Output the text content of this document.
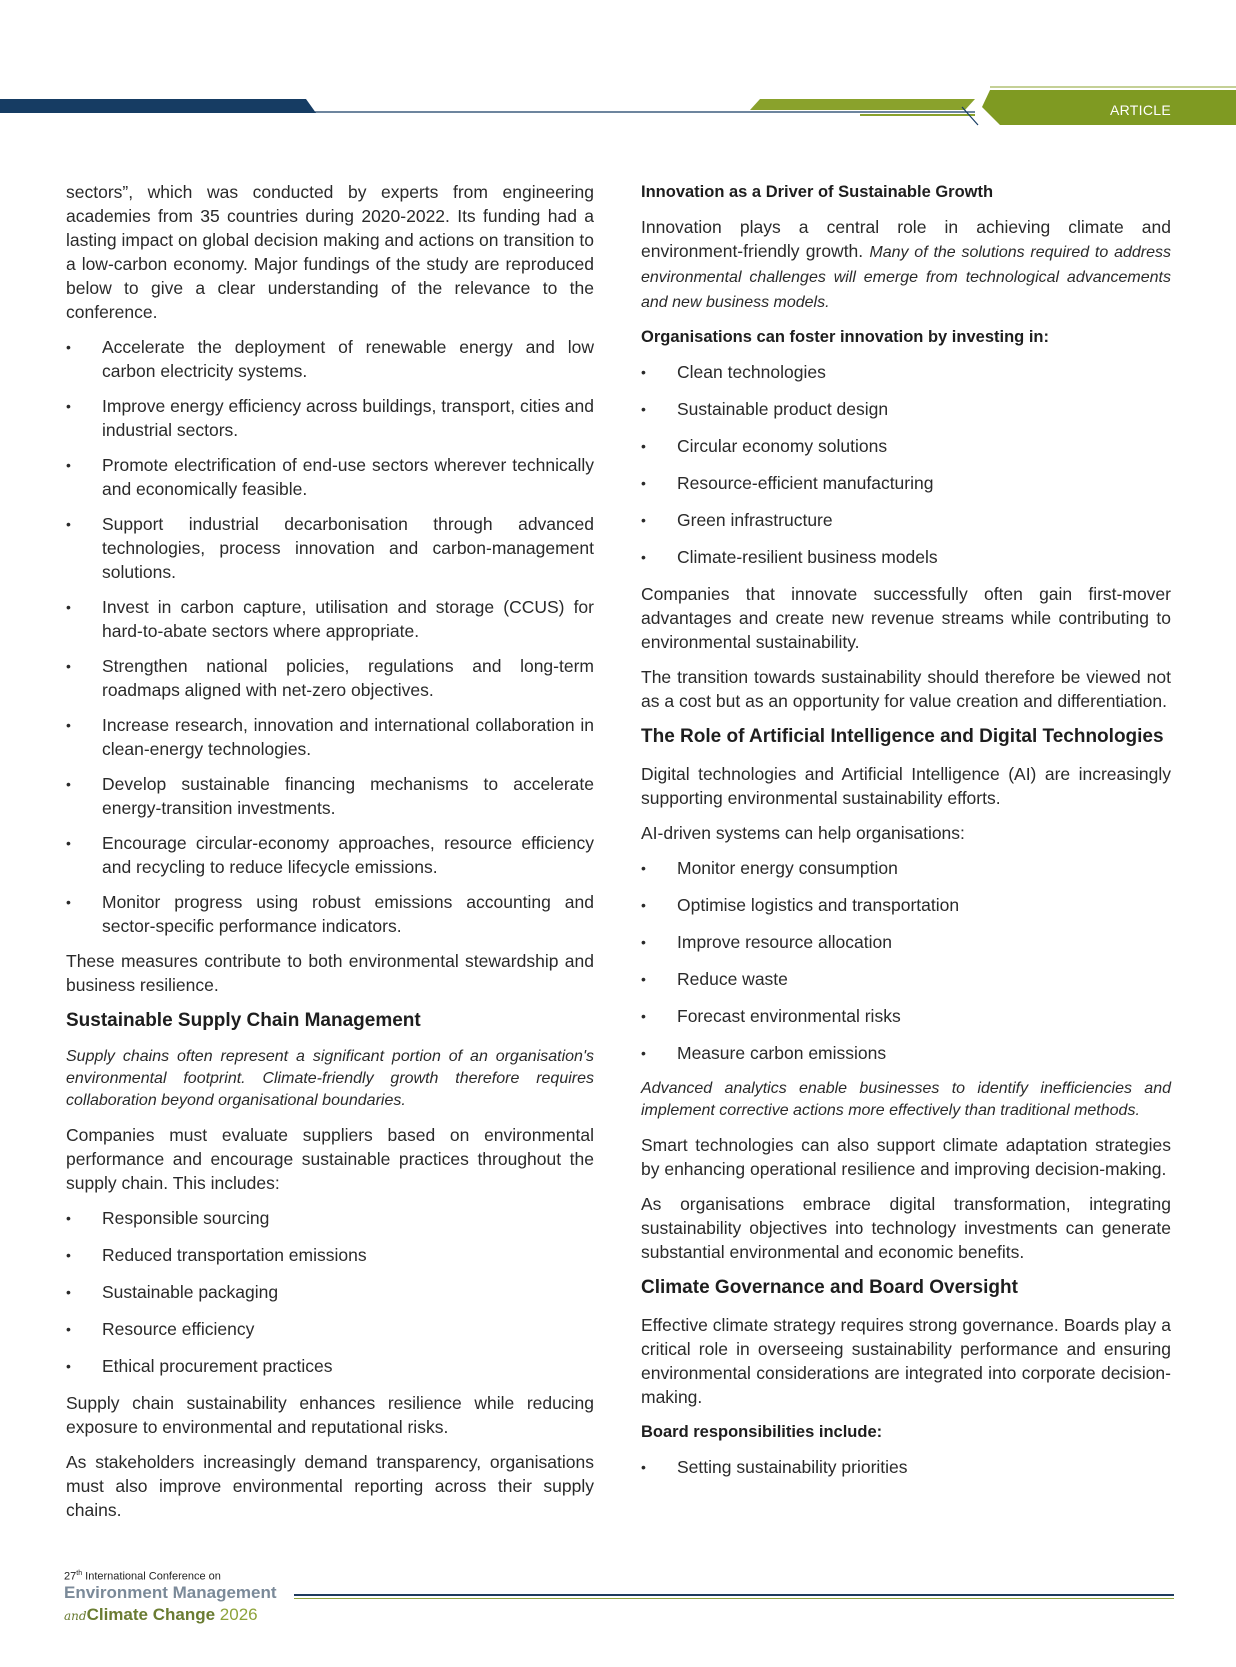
ARTICLE

sectors”, which was conducted by experts from engineering academies from 35 countries during 2020-2022. Its funding had a lasting impact on global decision making and actions on transition to a low-carbon economy. Major fundings of the study are reproduced below to give a clear understanding of the relevance to the conference.

• Accelerate the deployment of renewable energy and low carbon electricity systems.
• Improve energy efficiency across buildings, transport, cities and industrial sectors.
• Promote electrification of end-use sectors wherever technically and economically feasible.
• Support industrial decarbonisation through advanced technologies, process innovation and carbon-management solutions.
• Invest in carbon capture, utilisation and storage (CCUS) for hard-to-abate sectors where appropriate.
• Strengthen national policies, regulations and long-term roadmaps aligned with net-zero objectives.
• Increase research, innovation and international collaboration in clean-energy technologies.
• Develop sustainable financing mechanisms to accelerate energy-transition investments.
• Encourage circular-economy approaches, resource efficiency and recycling to reduce lifecycle emissions.
• Monitor progress using robust emissions accounting and sector-specific performance indicators.

These measures contribute to both environmental stewardship and business resilience.

Sustainable Supply Chain Management

Supply chains often represent a significant portion of an organisation's environmental footprint. Climate-friendly growth therefore requires collaboration beyond organisational boundaries.

Companies must evaluate suppliers based on environmental performance and encourage sustainable practices throughout the supply chain. This includes:

• Responsible sourcing
• Reduced transportation emissions
• Sustainable packaging
• Resource efficiency
• Ethical procurement practices

Supply chain sustainability enhances resilience while reducing exposure to environmental and reputational risks.

As stakeholders increasingly demand transparency, organisations must also improve environmental reporting across their supply chains.

Innovation as a Driver of Sustainable Growth

Innovation plays a central role in achieving climate and environment-friendly growth. Many of the solutions required to address environmental challenges will emerge from technological advancements and new business models.

Organisations can foster innovation by investing in:
• Clean technologies
• Sustainable product design
• Circular economy solutions
• Resource-efficient manufacturing
• Green infrastructure
• Climate-resilient business models

Companies that innovate successfully often gain first-mover advantages and create new revenue streams while contributing to environmental sustainability.

The transition towards sustainability should therefore be viewed not as a cost but as an opportunity for value creation and differentiation.

The Role of Artificial Intelligence and Digital Technologies

Digital technologies and Artificial Intelligence (AI) are increasingly supporting environmental sustainability efforts.

AI-driven systems can help organisations:

• Monitor energy consumption
• Optimise logistics and transportation
• Improve resource allocation
• Reduce waste
• Forecast environmental risks
• Measure carbon emissions

Advanced analytics enable businesses to identify inefficiencies and implement corrective actions more effectively than traditional methods.

Smart technologies can also support climate adaptation strategies by enhancing operational resilience and improving decision-making.

As organisations embrace digital transformation, integrating sustainability objectives into technology investments can generate substantial environmental and economic benefits.

Climate Governance and Board Oversight

Effective climate strategy requires strong governance. Boards play a critical role in overseeing sustainability performance and ensuring environmental considerations are integrated into corporate decision-making.

Board responsibilities include:
• Setting sustainability priorities
27th International Conference on
Environment Management
andClimate Change 2026
